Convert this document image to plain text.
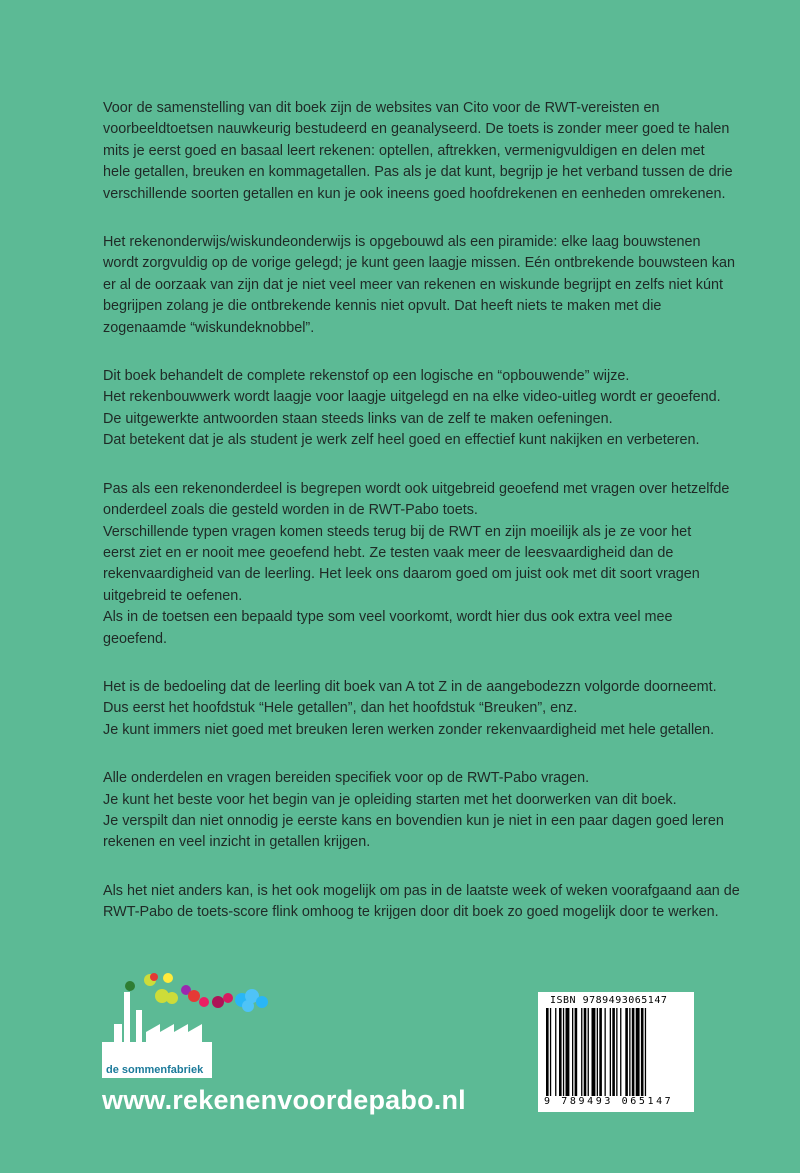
Voor de samenstelling van dit boek zijn de websites van Cito voor de RWT-vereisten en
voorbeeldtoetsen nauwkeurig bestudeerd en geanalyseerd. De toets is zonder meer goed te halen
mits je eerst goed en basaal leert rekenen: optellen, aftrekken, vermenigvuldigen en delen met
hele getallen, breuken en kommagetallen. Pas als je dat kunt, begrijp je het verband tussen de drie
verschillende soorten getallen en kun je ook ineens goed hoofdrekenen en eenheden omrekenen.

Het rekenonderwijs/wiskundeonderwijs is opgebouwd als een piramide: elke laag bouwstenen
wordt zorgvuldig op de vorige gelegd; je kunt geen laagje missen. Eén ontbrekende bouwsteen kan
er al de oorzaak van zijn dat je niet veel meer van rekenen en wiskunde begrijpt en zelfs niet kúnt
begrijpen zolang je die ontbrekende kennis niet opvult. Dat heeft niets te maken met die
zogenaamde “wiskundeknobbel”.

Dit boek behandelt de complete rekenstof op een logische en “opbouwende” wijze.
Het rekenbouwwerk wordt laagje voor laagje uitgelegd en na elke video-uitleg wordt er geoefend.
De uitgewerkte antwoorden staan steeds links van de zelf te maken oefeningen.
Dat betekent dat je als student je werk zelf heel goed en effectief kunt nakijken en verbeteren.

Pas als een rekenonderdeel is begrepen wordt ook uitgebreid geoefend met vragen over hetzelfde
onderdeel zoals die gesteld worden in de RWT-Pabo toets.
Verschillende typen vragen komen steeds terug bij de RWT en zijn moeilijk als je ze voor het
eerst ziet en er nooit mee geoefend hebt. Ze testen vaak meer de leesvaardigheid dan de
rekenvaardigheid van de leerling. Het leek ons daarom goed om juist ook met dit soort vragen
uitgebreid te oefenen.
Als in de toetsen een bepaald type som veel voorkomt, wordt hier dus ook extra veel mee
geoefend.

Het is de bedoeling dat de leerling dit boek van A tot Z in de aangebodezzn volgorde doorneemt.
Dus eerst het hoofdstuk “Hele getallen”, dan het hoofdstuk “Breuken”, enz.
Je kunt immers niet goed met breuken leren werken zonder rekenvaardigheid met hele getallen.

Alle onderdelen en vragen bereiden specifiek voor op de RWT-Pabo vragen.
Je kunt het beste voor het begin van je opleiding starten met het doorwerken van dit boek.
Je verspilt dan niet onnodig je eerste kans en bovendien kun je niet in een paar dagen goed leren
rekenen en veel inzicht in getallen krijgen.

Als het niet anders kan, is het ook mogelijk om pas in de laatste week of weken voorafgaand aan de
RWT-Pabo de toets-score flink omhoog te krijgen door dit boek zo goed mogelijk door te werken.

de sommenfabriek
www.rekenenvoordepabo.nl
ISBN 9789493065147
9 789493 065147
